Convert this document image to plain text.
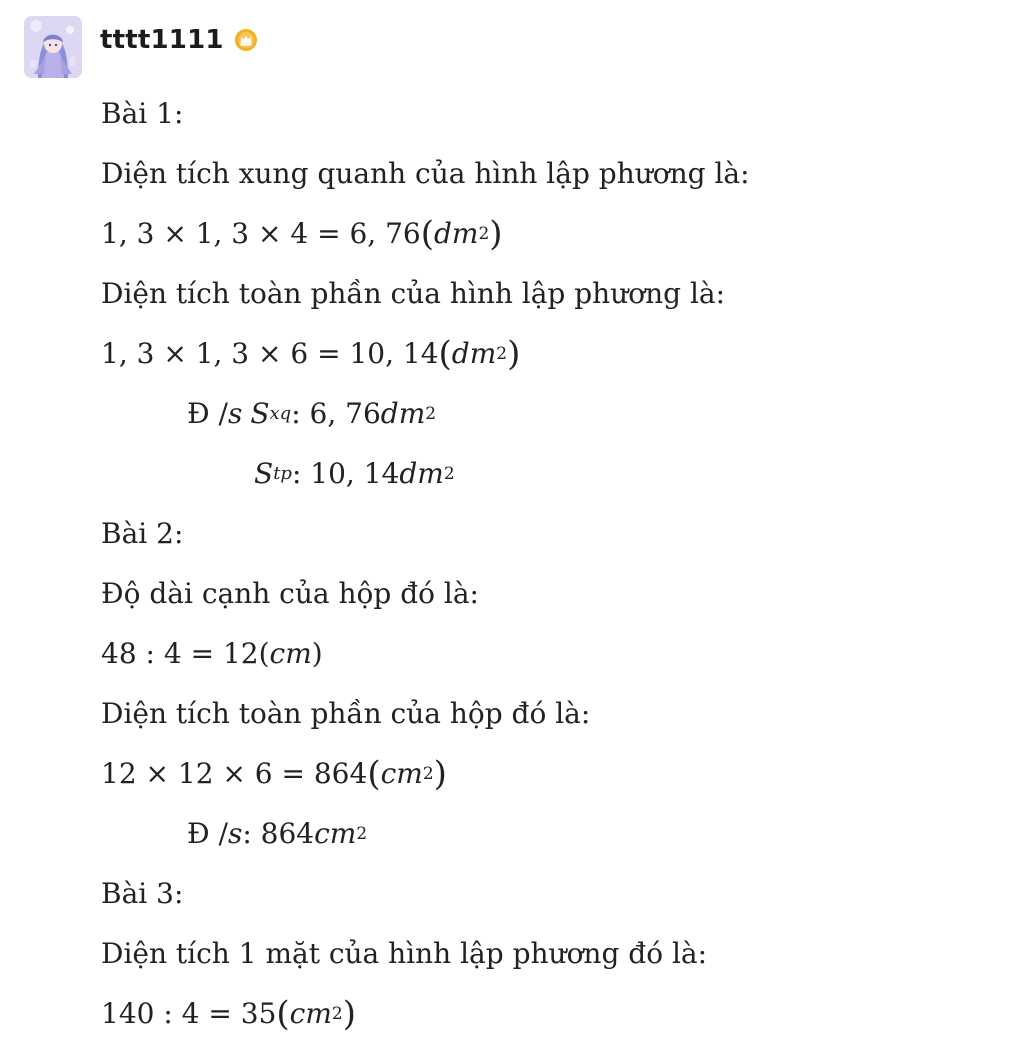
tttt1111
Bài 1:
Diện tích xung quanh của hình lập phương là:
1, 3 × 1, 3 × 4 = 6, 76 ( dm 2 )
Diện tích toàn phần của hình lập phương là:
1, 3 × 1, 3 × 6 = 10, 14 ( dm 2 )
Đ / s S xq : 6, 76 dm 2
S tp : 10, 14 dm 2
Bài 2:
Độ dài cạnh của hộp đó là:
48 : 4 = 12 ( cm )
Diện tích toàn phần của hộp đó là:
12 × 12 × 6 = 864 ( cm 2 )
Đ / s : 864 cm 2
Bài 3:
Diện tích 1 mặt của hình lập phương đó là:
140 : 4 = 35 ( cm 2 )
